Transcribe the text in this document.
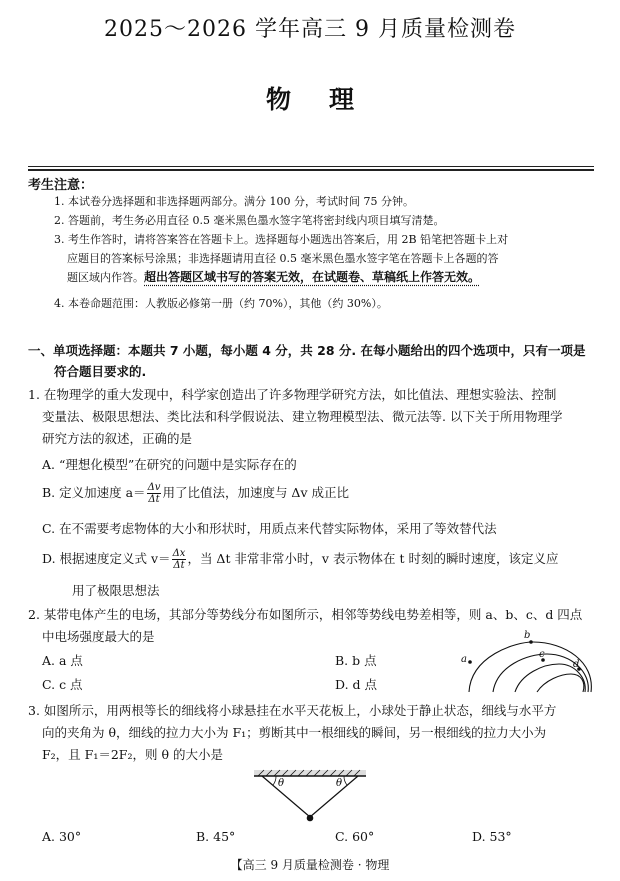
2025～2026 学年高三 9 月质量检测卷
物 理
考生注意：
1. 本试卷分选择题和非选择题两部分。满分 100 分，考试时间 75 分钟。
2. 答题前，考生务必用直径 0.5 毫米黑色墨水签字笔将密封线内项目填写清楚。
3. 考生作答时，请将答案答在答题卡上。选择题每小题选出答案后，用 2B 铅笔把答题卡上对
应题目的答案标号涂黑；非选择题请用直径 0.5 毫米黑色墨水签字笔在答题卡上各题的答
题区域内作答。超出答题区域书写的答案无效，在试题卷、草稿纸上作答无效。
4. 本卷命题范围：人教版必修第一册（约 70%），其他（约 30%）。
一、单项选择题：本题共 7 小题，每小题 4 分，共 28 分. 在每小题给出的四个选项中，只有一项是
符合题目要求的.
1. 在物理学的重大发现中，科学家创造出了许多物理学研究方法，如比值法、理想实验法、控制
变量法、极限思想法、类比法和科学假说法、建立物理模型法、微元法等. 以下关于所用物理学
研究方法的叙述，正确的是
A. “理想化模型”在研究的问题中是实际存在的
B. 定义加速度 $a= \frac{\Delta v}{\Delta t}$ 用了比值法，加速度与 Δv 成正比
C. 在不需要考虑物体的大小和形状时，用质点来代替实际物体，采用了等效替代法
D. 根据速度定义式 $v= \frac{\Delta x}{\Delta t}$ ，当 Δt 非常非常小时，v 表示物体在 t 时刻的瞬时速度，该定义应
用了极限思想法
2. 某带电体产生的电场，其部分等势线分布如图所示，相邻等势线电势差相等，则 a、b、c、d 四点
中电场强度最大的是
A. a 点	B. b 点
C. c 点	D. d 点
a
b
c
d
3. 如图所示，用两根等长的细线将小球悬挂在水平天花板上，小球处于静止状态，细线与水平方
向的夹角为 θ，细线的拉力大小为 F₁；剪断其中一根细线的瞬间，另一根细线的拉力大小为
F₂，且 F₁＝2F₂，则 θ 的大小是
θ	θ
A. 30°	B. 45°	C. 60°	D. 53°
【高三 9 月质量检测卷 · 物理
